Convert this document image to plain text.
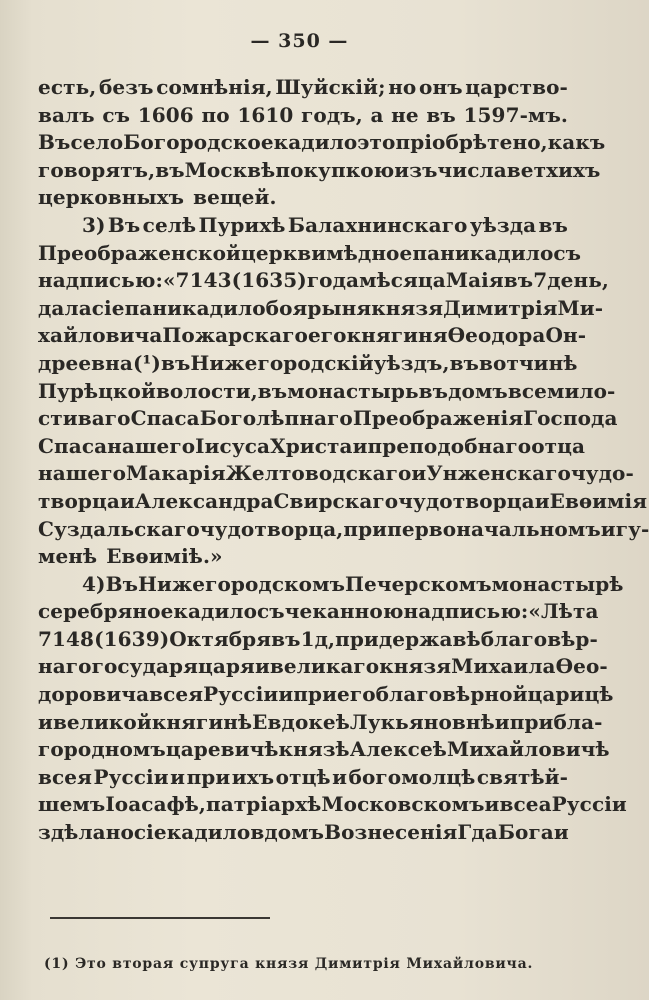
— 350 —
есть, безъ сомнѣнія, Шуйскій; но онъ царство-
валъ съ 1606 по 1610 годъ, а не въ 1597-мъ.
Въ село Богородское кадило это пріобрѣтено, какъ
говорятъ, въ Москвѣ покупкою изъ числа ветхихъ
церковныхъ вещей.
3) Въ селѣ Пурихѣ Балахнинскаго уѣзда въ
Преображенской церкви мѣдное паникадило съ
надписью: «7143 (1635) года мѣсяца Маія въ 7 день,
дала сіе паникадило боярыня князя Димитрія Ми-
хайловича Пожарскаго его княгиня Ѳеодора Он-
дреевна (¹) въ Нижегородскій уѣздъ, въ вотчинѣ
Пурѣцкой волости, въ монастырь въ домъ всемило-
стиваго Спаса Боголѣпнаго Преображенія Господа
Спаса нашего Іисуса Христа и преподобнаго отца
нашего Макарія Желтоводскаго и Унженскаго чудо-
творца и Александра Свирскаго чудотворца и Евѳимія
Суздальскаго чудотворца, при первоначальномъ игу-
менѣ Евѳиміѣ.»
4) Въ Нижегородскомъ Печерскомъ монастырѣ
серебряное кадило съ чеканною надписью: «Лѣта
7148 (1639) Октября въ 1д, при державѣ благовѣр-
наго государя царя и великаго князя Михаила Ѳео-
доровича всея Руссіи и при его благовѣрной царицѣ
и великой княгинѣ Евдокеѣ Лукьяновнѣ и при бла-
городномъ царевичѣ князѣ Алексеѣ Михайловичѣ
всея Руссіи и при ихъ отцѣ и богомолцѣ святѣй-
шемъ Іоасафѣ, патріархѣ Московскомъ и всеа Руссіи
здѣлано сіе кадило вдомъ Вознесенія Гда Бога и
(1) Это вторая супруга князя Димитрія Михайловича.
